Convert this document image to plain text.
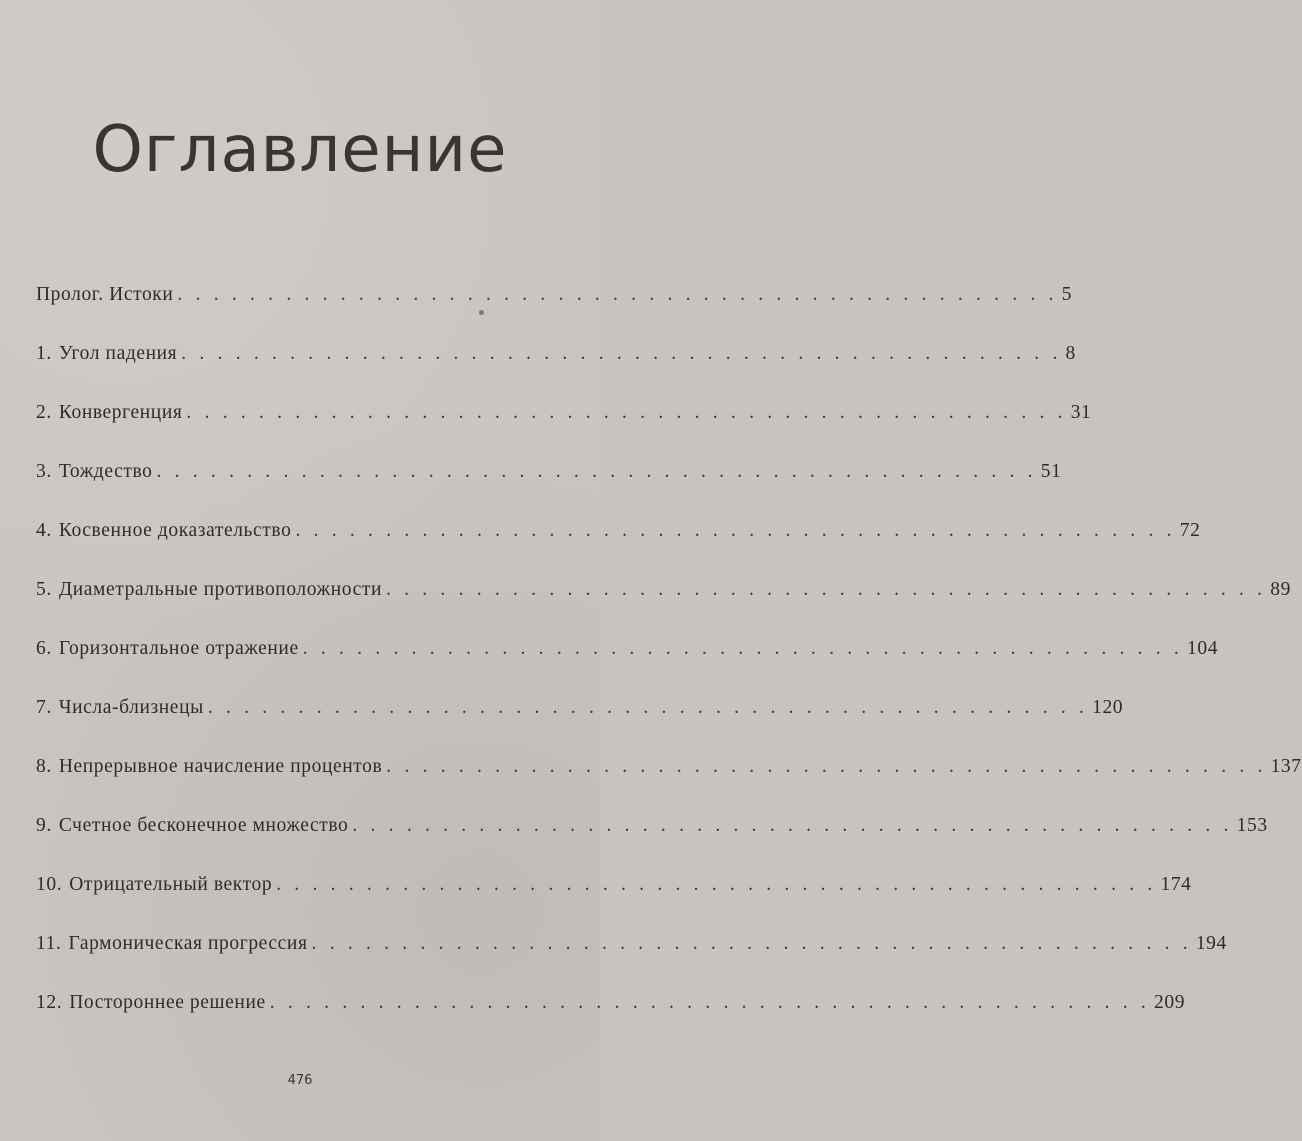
Оглавление
Пролог. Истоки . . . . . . . . . . . . . . . . . . . . . . . . . . . . . . . . . . . . . . . . . . . . . . . . . 5
1. Угол падения . . . . . . . . . . . . . . . . . . . . . . . . . . . . . . . . . . . . . . . . . . . . . . . . . 8
2. Конвергенция . . . . . . . . . . . . . . . . . . . . . . . . . . . . . . . . . . . . . . . . . . . . . . . . . 31
3. Тождество . . . . . . . . . . . . . . . . . . . . . . . . . . . . . . . . . . . . . . . . . . . . . . . . . 51
4. Косвенное доказательство . . . . . . . . . . . . . . . . . . . . . . . . . . . . . . . . . . . . . . . . . . . . . . . . . 72
5. Диаметральные противоположности . . . . . . . . . . . . . . . . . . . . . . . . . . . . . . . . . . . . . . . . . . . . . . . . . 89
6. Горизонтальное отражение . . . . . . . . . . . . . . . . . . . . . . . . . . . . . . . . . . . . . . . . . . . . . . . . . 104
7. Числа-близнецы . . . . . . . . . . . . . . . . . . . . . . . . . . . . . . . . . . . . . . . . . . . . . . . . . 120
8. Непрерывное начисление процентов . . . . . . . . . . . . . . . . . . . . . . . . . . . . . . . . . . . . . . . . . . . . . . . . . 137
9. Счетное бесконечное множество . . . . . . . . . . . . . . . . . . . . . . . . . . . . . . . . . . . . . . . . . . . . . . . . . 153
10. Отрицательный вектор . . . . . . . . . . . . . . . . . . . . . . . . . . . . . . . . . . . . . . . . . . . . . . . . . 174
11. Гармоническая прогрессия . . . . . . . . . . . . . . . . . . . . . . . . . . . . . . . . . . . . . . . . . . . . . . . . . 194
12. Постороннее решение . . . . . . . . . . . . . . . . . . . . . . . . . . . . . . . . . . . . . . . . . . . . . . . . . 209
476
